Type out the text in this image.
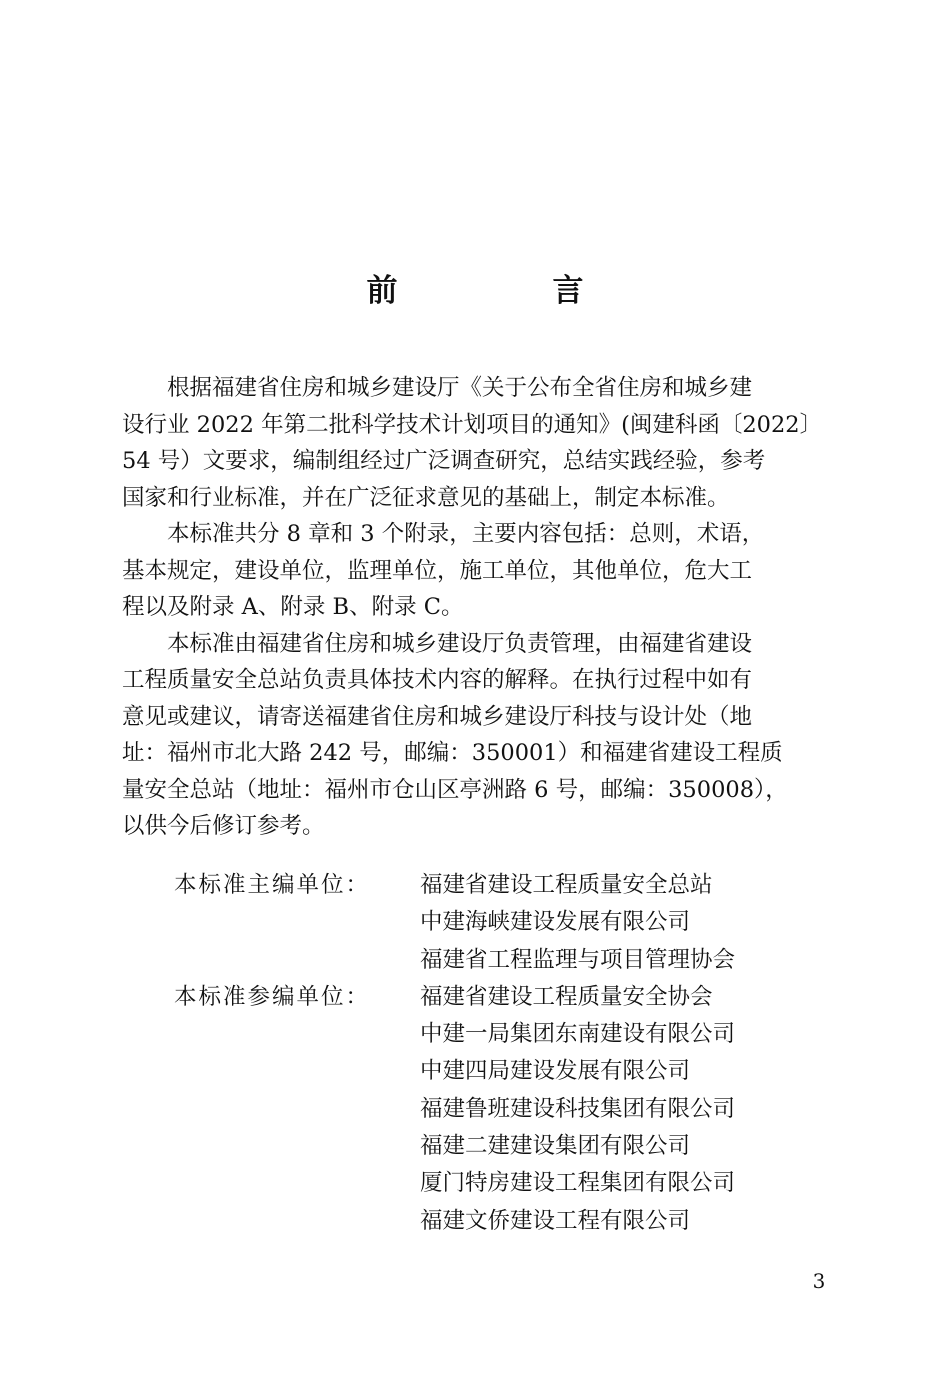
前　言

根据福建省住房和城乡建设厅《关于公布全省住房和城乡建
设行业 2022 年第二批科学技术计划项目的通知》(闽建科函〔2022〕
54 号）文要求，编制组经过广泛调查研究，总结实践经验，参考
国家和行业标准，并在广泛征求意见的基础上，制定本标准。

本标准共分 8 章和 3 个附录，主要内容包括：总则，术语，
基本规定，建设单位，监理单位，施工单位，其他单位，危大工
程以及附录 A、附录 B、附录 C。

本标准由福建省住房和城乡建设厅负责管理，由福建省建设
工程质量安全总站负责具体技术内容的解释。在执行过程中如有
意见或建议，请寄送福建省住房和城乡建设厅科技与设计处（地
址：福州市北大路 242 号，邮编：350001）和福建省建设工程质
量安全总站（地址：福州市仓山区亭洲路 6 号，邮编：350008），
以供今后修订参考。

本标准主编单位： 福建省建设工程质量安全总站
中建海峡建设发展有限公司
福建省工程监理与项目管理协会
本标准参编单位： 福建省建设工程质量安全协会
中建一局集团东南建设有限公司
中建四局建设发展有限公司
福建鲁班建设科技集团有限公司
福建二建建设集团有限公司
厦门特房建设工程集团有限公司
福建文侨建设工程有限公司
3
